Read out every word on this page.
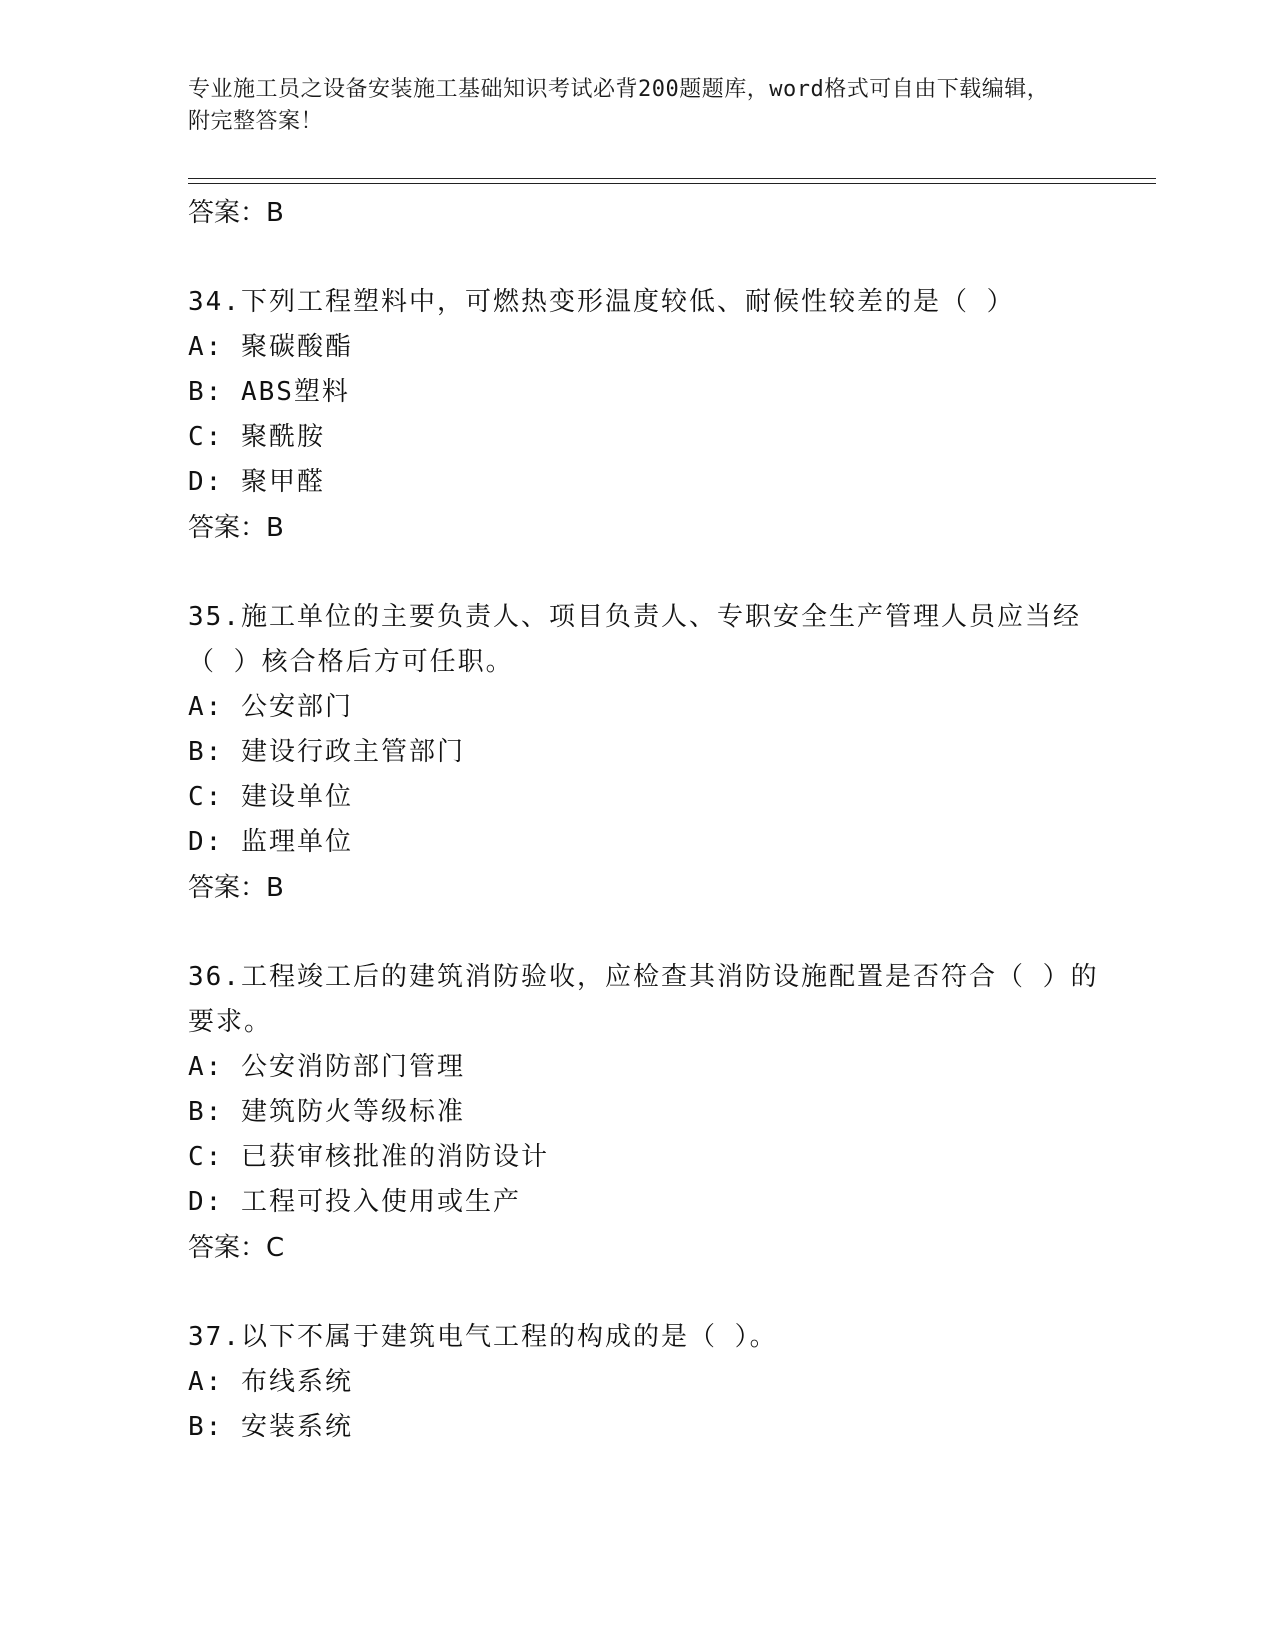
专业施工员之设备安装施工基础知识考试必背200题题库，word格式可自由下载编辑，附完整答案！
答案：B
34.下列工程塑料中，可燃热变形温度较低、耐候性较差的是（ ）
A: 聚碳酸酯
B: ABS塑料
C: 聚酰胺
D: 聚甲醛
答案：B
35.施工单位的主要负责人、项目负责人、专职安全生产管理人员应当经（ ）核合格后方可任职。
A: 公安部门
B: 建设行政主管部门
C: 建设单位
D: 监理单位
答案：B
36.工程竣工后的建筑消防验收，应检查其消防设施配置是否符合（ ）的要求。
A: 公安消防部门管理
B: 建筑防火等级标准
C: 已获审核批准的消防设计
D: 工程可投入使用或生产
答案：C
37.以下不属于建筑电气工程的构成的是（ ）。
A: 布线系统
B: 安装系统
